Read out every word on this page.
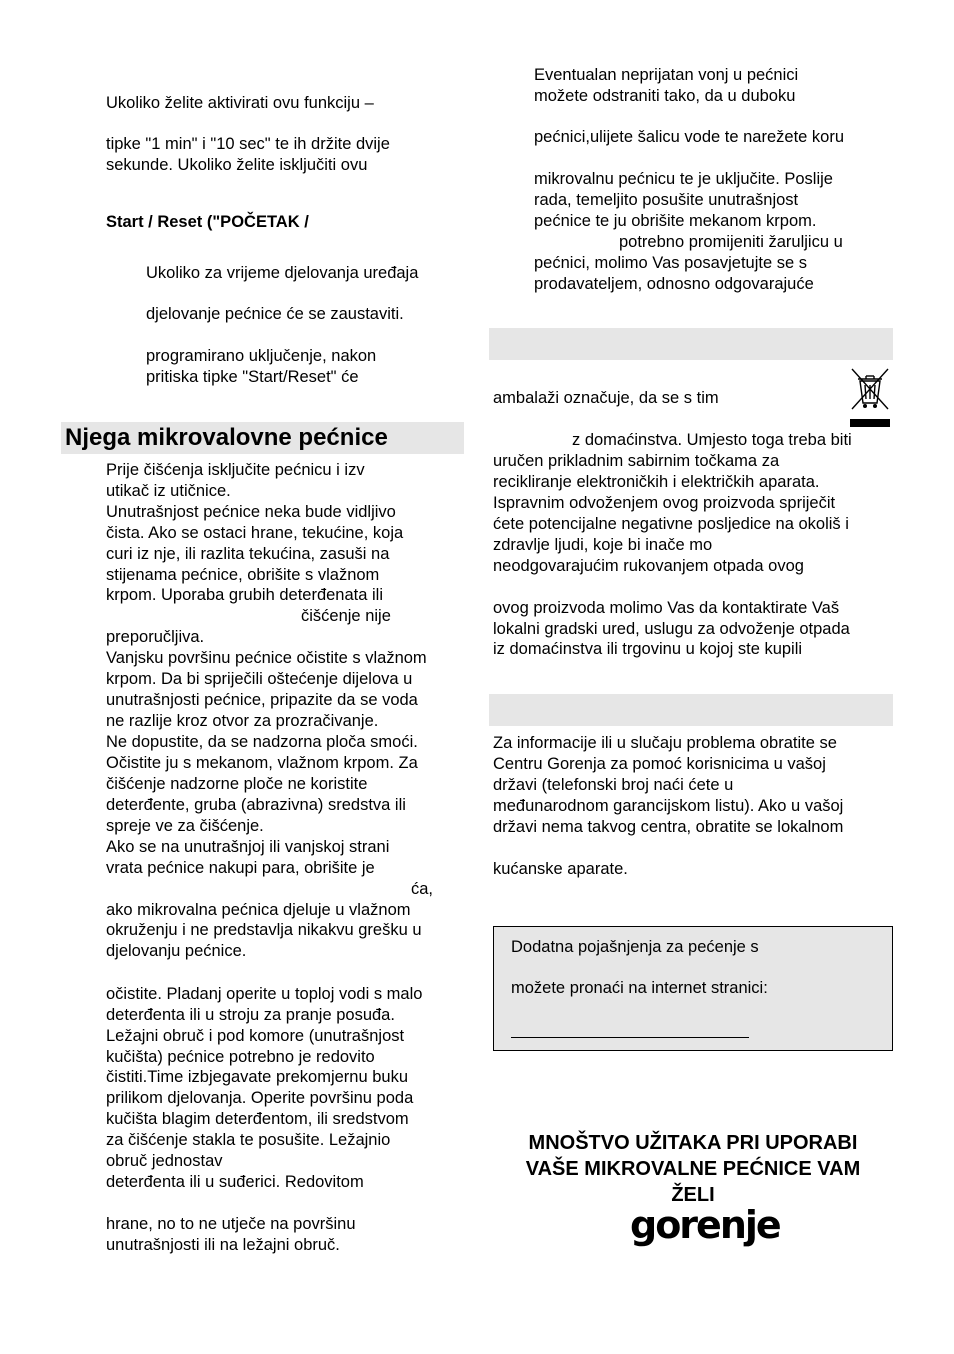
Ukoliko želite aktivirati ovu funkciju –
tipke "1 min" i "10 sec" te ih držite dvije
sekunde. Ukoliko želite isključiti ovu
Start / Reset ("POČETAK /
Ukoliko za vrijeme djelovanja uređaja
djelovanje pećnice će se zaustaviti.
programirano uključenje, nakon
pritiska tipke "Start/Reset" će
Njega mikrovalovne pećnice
Prije čišćenja isključite pećnicu i izv
utikač iz utičnice.
Unutrašnjost pećnice neka bude vidljivo
čista. Ako se ostaci hrane, tekućine, koja
curi iz nje, ili razlita tekućina, zasuši na
stijenama pećnice, obrišite s vlažnom
krpom. Uporaba grubih deterđenata ili
čišćenje nije
preporučljiva.
Vanjsku površinu pećnice očistite s vlažnom
krpom. Da bi spriječili oštećenje dijelova u
unutrašnjosti pećnice, pripazite da se voda
ne razlije kroz otvor za prozračivanje.
Ne dopustite, da se nadzorna ploča smoći.
Očistite ju s mekanom, vlažnom krpom. Za
čišćenje nadzorne ploče ne koristite
deterđente, gruba (abrazivna) sredstva ili
spreje ve za čišćenje.
Ako se na unutrašnjoj ili vanjskoj strani
vrata pećnice nakupi para, obrišite je
ća,
ako mikrovalna pećnica djeluje u vlažnom
okruženju i ne predstavlja nikakvu grešku u
djelovanju pećnice.
očistite. Pladanj operite u toploj vodi s malo
deterđenta ili u stroju za pranje posuđa.
Ležajni obruč i pod komore (unutrašnjost
kučišta) pećnice potrebno je redovito
čistiti.Time izbjegavate prekomjernu buku
prilikom djelovanja. Operite površinu poda
kučišta blagim deterđentom, ili sredstvom
za čišćenje stakla te posušite. Ležajnio
obruč jednostav
deterđenta ili u suđerici. Redovitom
hrane, no to ne utječe na površinu
unutrašnjosti ili na ležajni obruč.
Eventualan neprijatan vonj u pećnici
možete odstraniti tako, da u duboku
pećnici,ulijete šalicu vode te narežete koru
mikrovalnu pećnicu te je uključite. Poslije
rada, temeljito posušite unutrašnjost
pećnice te ju obrišite mekanom krpom.
potrebno promijeniti žaruljicu u
pećnici, molimo Vas posavjetujte se s
prodavateljem, odnosno odgovarajuće
ambalaži označuje, da se s tim
z domaćinstva. Umjesto toga treba biti
uručen prikladnim sabirnim točkama za
recikliranje elektroničkih i električkih aparata.
Ispravnim odvoženjem ovog proizvoda spriječit
ćete potencijalne negativne posljedice na okoliš i
zdravlje ljudi, koje bi inače mo
neodgovarajućim rukovanjem otpada ovog
ovog proizvoda molimo Vas da kontaktirate Vaš
lokalni gradski ured, uslugu za odvoženje otpada
iz domaćinstva ili trgovinu u kojoj ste kupili
Za informacije ili u slučaju problema obratite se
Centru Gorenja za pomoć korisnicima u vašoj
državi (telefonski broj naći ćete u
međunarodnom garancijskom listu). Ako u vašoj
državi nema takvog centra, obratite se lokalnom
kućanske aparate.
Dodatna pojašnjenja za pećenje s
možete pronaći na internet stranici:
MNOŠTVO UŽITAKA PRI UPORABI
VAŠE MIKROVALNE PEĆNICE VAM
ŽELI
gorenje
